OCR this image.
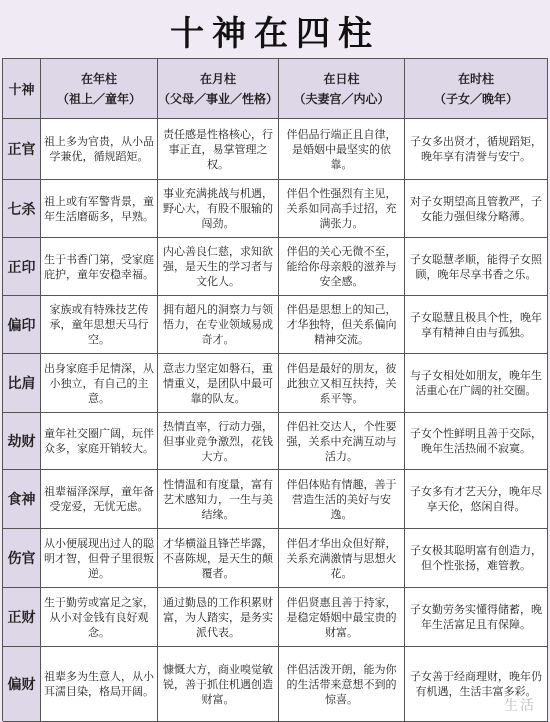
十神在四柱
十神
在年柱
（祖上／童年）
在月柱
（父母／事业／性格）
在日柱
（夫妻宫／内心）
在时柱
（子女／晚年）
正官
祖上多为官贵，从小品学兼优，循规蹈矩。
责任感是性格核心，行事正直，易掌管理之权。
伴侣品行端正且自律，是婚姻中最坚实的依靠。
子女多出贤才，循规蹈矩，晚年享有清誉与安宁。
七杀
祖上或有军警背景，童年生活磨砺多，早熟。
事业充满挑战与机遇，野心大，有股不服输的闯劲。
伴侣个性强烈有主见，关系如同高手过招，充满张力。
对子女期望高且管教严，子女能力强但缘分略薄。
正印
生于书香门第，受家庭庇护，童年安稳幸福。
内心善良仁慈，求知欲强，是天生的学习者与文化人。
伴侣的关心无微不至，能给你母亲般的滋养与安全感。
子女聪慧孝顺，能得子女照顾，晚年尽享书香之乐。
偏印
家族或有特殊技艺传承，童年思想天马行空。
拥有超凡的洞察力与领悟力，在专业领域易成奇才。
伴侣是思想上的知己，才华独特，但关系偏向精神交流。
子女聪慧且极具个性，晚年享有精神自由与孤独。
比肩
出身家庭手足情深，从小独立，有自己的主意。
意志力坚定如磐石，重情重义，是团队中最可靠的队友。
伴侣是最好的朋友，彼此独立又相互扶持，关系平等。
与子女相处如朋友，晚年生活重心在广阔的社交圈。
劫财
童年社交圈广阔，玩伴众多，家庭开销较大。
热情直率，行动力强，但事业竞争激烈，花钱大方。
伴侣社交达人，个性要强，关系中充满互动与活力。
子女个性鲜明且善于交际，晚年生活热闹不寂寞。
食神
祖辈福泽深厚，童年备受宠爱，无忧无虑。
性情温和有度量，富有艺术感知力，一生与美结缘。
伴侣体贴有情趣，善于营造生活的美好与安逸。
子女多有才艺天分，晚年尽享天伦，悠闲自得。
伤官
从小便展现出过人的聪明才智，但骨子里很叛逆。
才华横溢且锋芒毕露，不喜陈规，是天生的颠覆者。
伴侣才华出众但好辩，关系充满激情与思想火花。
子女极其聪明富有创造力，但个性张扬，难管教。
正财
生于勤劳或富足之家，从小对金钱有良好观念。
通过勤恳的工作积累财富，为人踏实，是务实派代表。
伴侣贤惠且善于持家，是稳定婚姻中最宝贵的财富。
子女勤劳务实懂得储蓄，晚年生活富足且有保障。
偏财
祖辈多为生意人，从小耳濡目染，格局开阔。
慷慨大方，商业嗅觉敏锐，善于抓住机遇创造财富。
伴侣活泼开朗，能为你的生活带来意想不到的惊喜。
子女善于经商理财，晚年仍有机遇，生活丰富多彩。
生活
